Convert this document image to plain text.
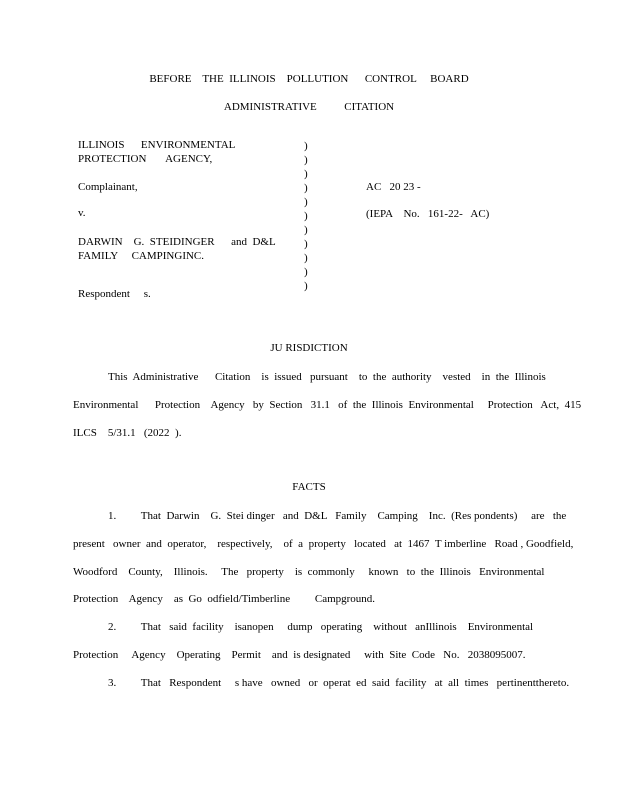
BEFORE    THE  ILLINOIS    POLLUTION      CONTROL     BOARD
ADMINISTRATIVE          CITATION
ILLINOIS      ENVIRONMENTAL
PROTECTION       AGENCY,
Complainant,
v.
DARWIN    G.  STEIDINGER      and  D&L
FAMILY     CAMPINGINC.
Respondent     s.
)
)
)
)
)
)
)
)
)
)
)
AC   20 23 -
(IEPA    No.   161-22-   AC)
JU RISDICTION
This  Administrative      Citation    is  issued   pursuant    to  the  authority    vested    in  the  Illinois
Environmental      Protection    Agency   by  Section   31.1   of  the  Illinois  Environmental     Protection   Act,  415
ILCS    5/31.1   (2022  ).
FACTS
1.         That  Darwin    G.  Stei dinger   and  D&L   Family    Camping    Inc.  (Res pondents)     are   the
present   owner  and  operator,    respectively,    of  a  property   located   at  1467  T imberline   Road , Goodfield,
Woodford    County,    Illinois.     The   property    is  commonly     known   to  the  Illinois   Environmental
Protection    Agency    as  Go  odfield/Timberline         Campground.
2.         That   said  facility    isanopen     dump   operating    without   anIllinois    Environmental
Protection     Agency    Operating    Permit    and  is designated     with  Site  Code   No.   2038095007.
3.         That   Respondent     s have   owned   or  operat  ed  said  facility   at  all  times   pertinentthereto.
